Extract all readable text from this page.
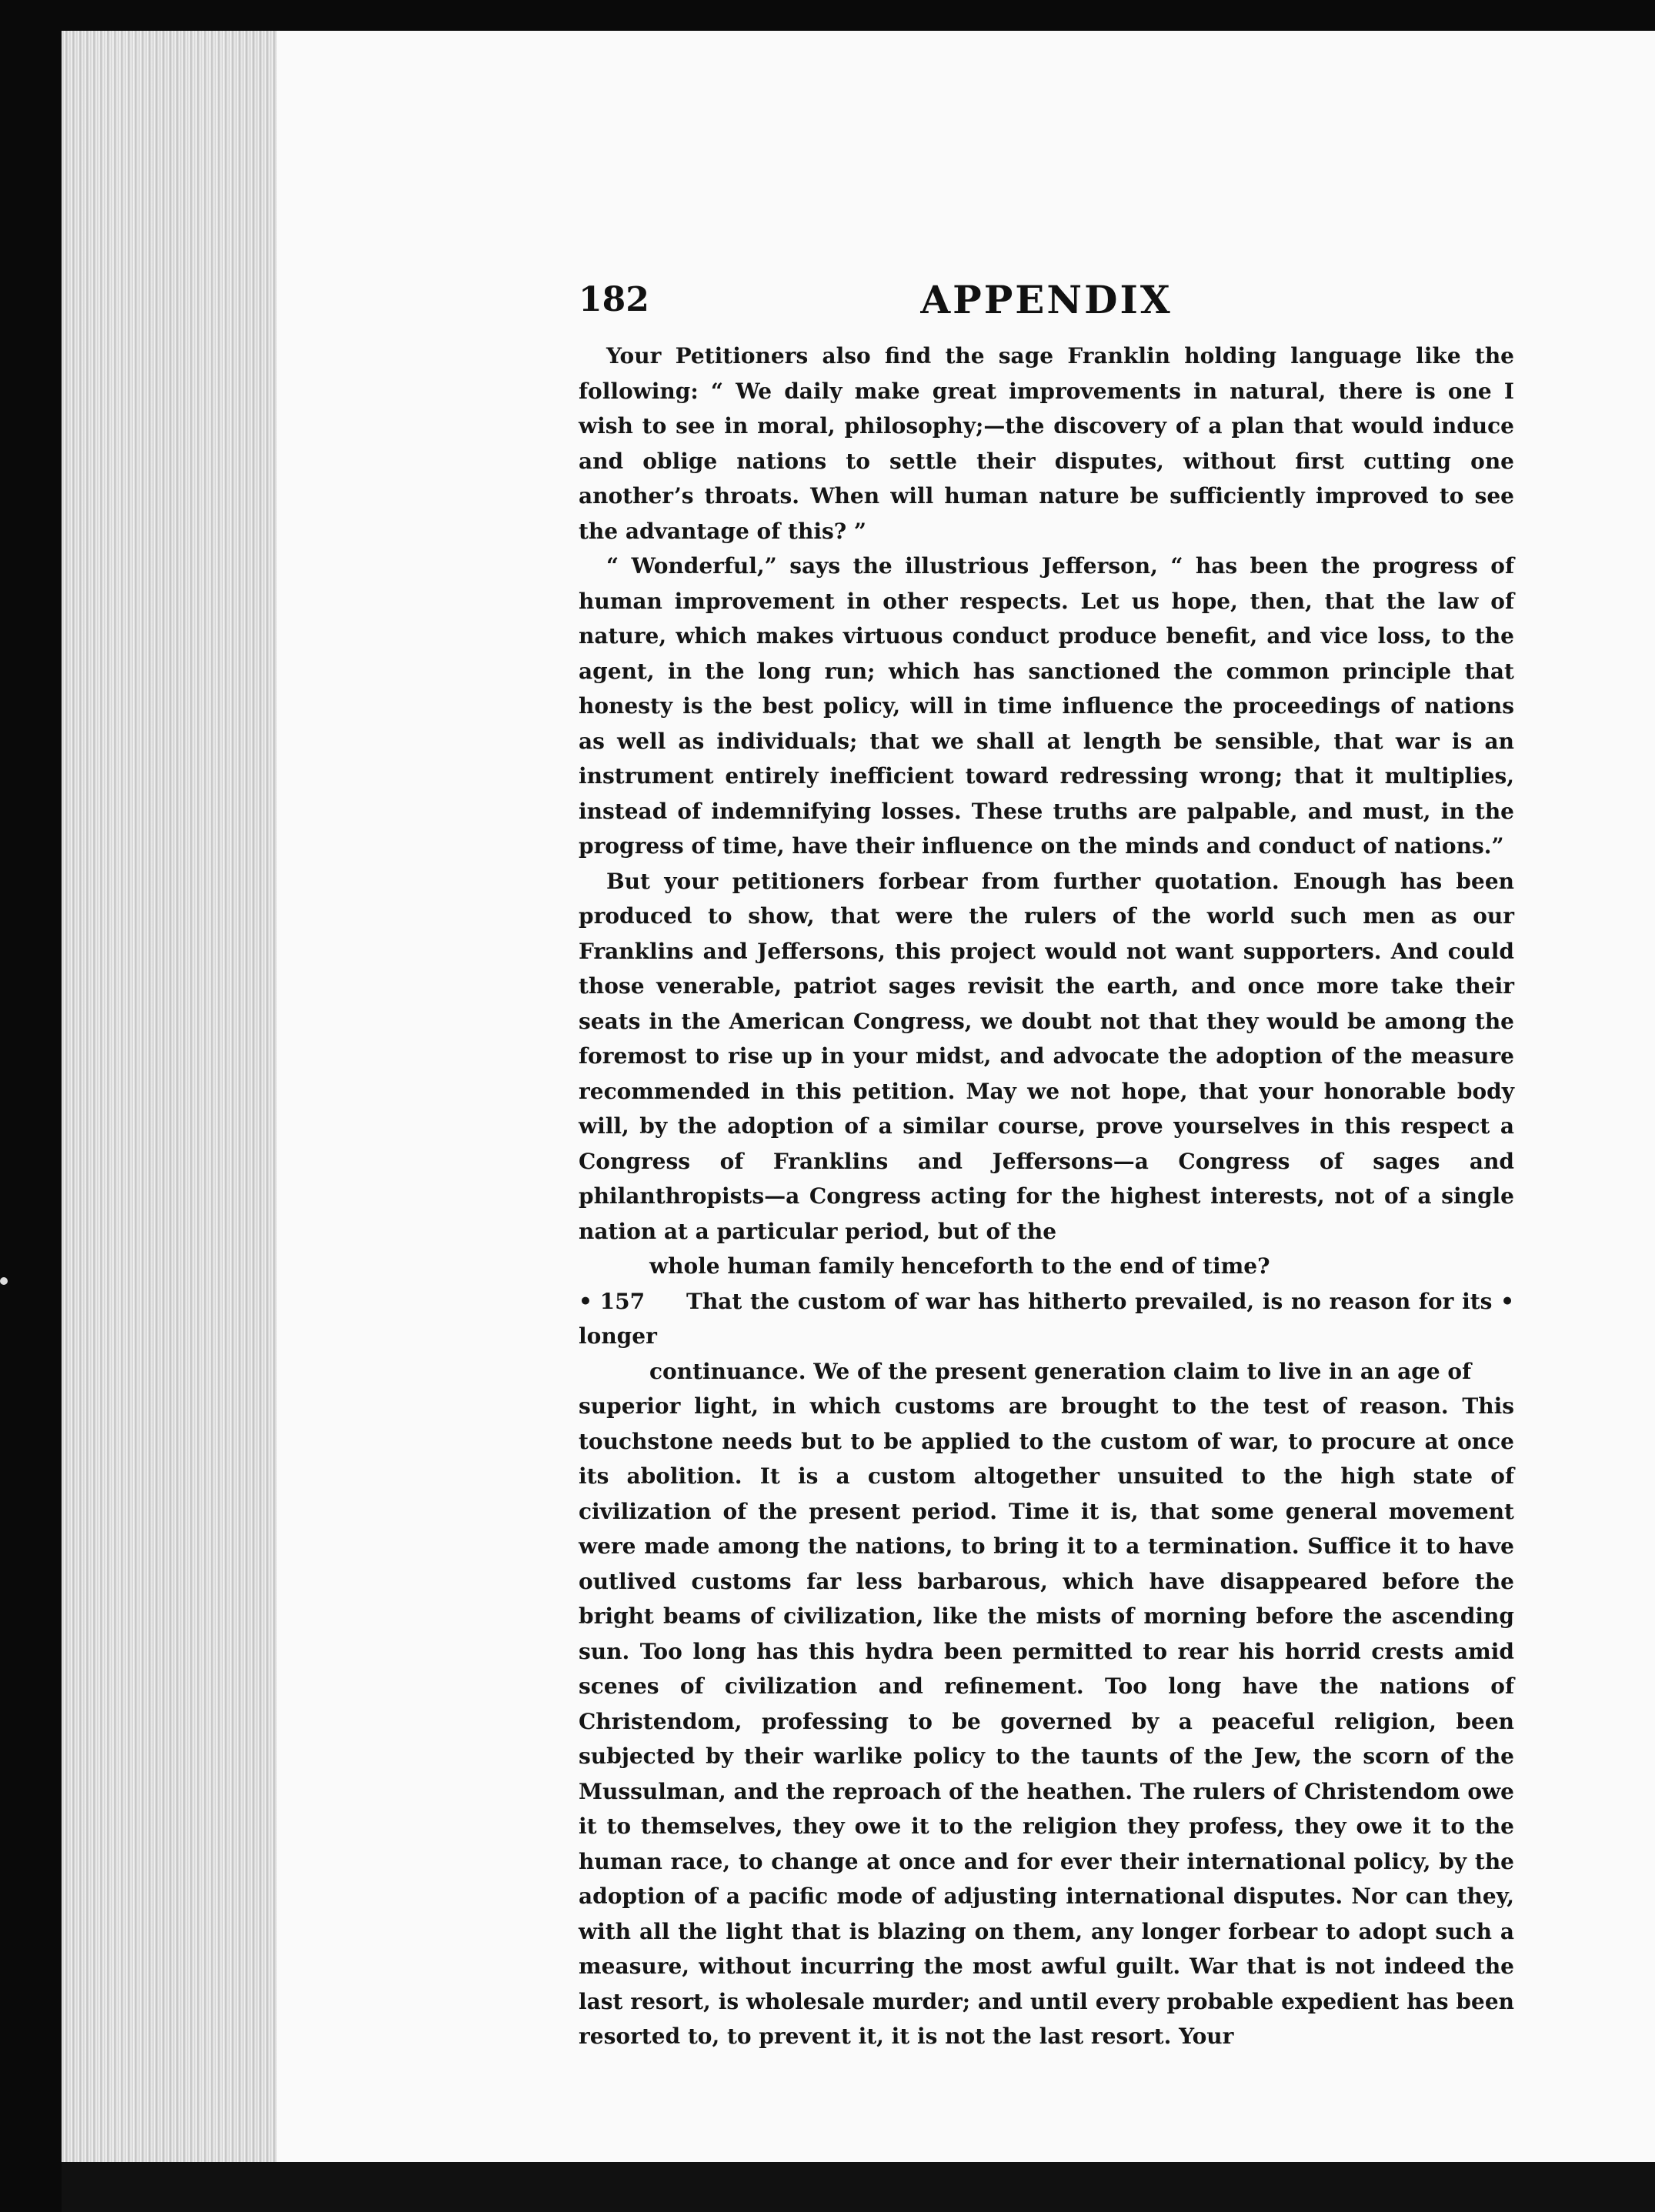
182	APPENDIX

Your Petitioners also find the sage Franklin holding language like the following: “ We daily make great improvements in natural, there is one I wish to see in moral, philosophy;—the discovery of a plan that would induce and oblige nations to settle their disputes, without first cutting one another’s throats. When will human nature be sufficiently improved to see the advantage of this? ”

“ Wonderful,” says the illustrious Jefferson, “ has been the progress of human improvement in other respects. Let us hope, then, that the law of nature, which makes virtuous conduct produce benefit, and vice loss, to the agent, in the long run; which has sanctioned the common principle that honesty is the best policy, will in time influence the proceedings of nations as well as individuals; that we shall at length be sensible, that war is an instrument entirely inefficient toward redressing wrong; that it multiplies, instead of indemnifying losses. These truths are palpable, and must, in the progress of time, have their influence on the minds and conduct of nations.”

But your petitioners forbear from further quotation. Enough has been produced to show, that were the rulers of the world such men as our Franklins and Jeffersons, this project would not want supporters. And could those venerable, patriot sages revisit the earth, and once more take their seats in the American Congress, we doubt not that they would be among the foremost to rise up in your midst, and advocate the adoption of the measure recommended in this petition. May we not hope, that your honorable body will, by the adoption of a similar course, prove yourselves in this respect a Congress of Franklins and Jeffersons—a Congress of sages and philanthropists—a Congress acting for the highest interests, not of a single nation at a particular period, but of the

whole human family henceforth to the end of time?

• 157 That the custom of war has hitherto prevailed, is no reason for its • longer

continuance. We of the present generation claim to live in an age of

superior light, in which customs are brought to the test of reason. This touchstone needs but to be applied to the custom of war, to procure at once its abolition. It is a custom altogether unsuited to the high state of civilization of the present period. Time it is, that some general movement were made among the nations, to bring it to a termination. Suffice it to have outlived customs far less barbarous, which have disappeared before the bright beams of civilization, like the mists of morning before the ascending sun. Too long has this hydra been permitted to rear his horrid crests amid scenes of civilization and refinement. Too long have the nations of Christendom, professing to be governed by a peaceful religion, been subjected by their warlike policy to the taunts of the Jew, the scorn of the Mussulman, and the reproach of the heathen. The rulers of Christendom owe it to themselves, they owe it to the religion they profess, they owe it to the human race, to change at once and for ever their international policy, by the adoption of a pacific mode of adjusting international disputes. Nor can they, with all the light that is blazing on them, any longer forbear to adopt such a measure, without incurring the most awful guilt. War that is not indeed the last resort, is wholesale murder; and until every probable expedient has been resorted to, to prevent it, it is not the last resort. Your
